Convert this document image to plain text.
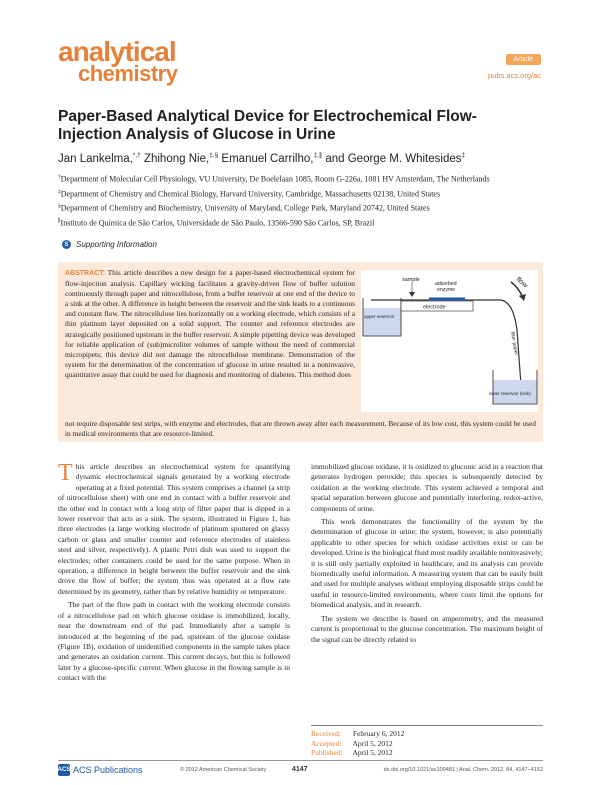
analytical
chemistry
Article
pubs.acs.org/ac
Paper-Based Analytical Device for Electrochemical Flow-Injection Analysis of Glucose in Urine
Jan Lankelma,*,† Zhihong Nie,‡,§ Emanuel Carrilho,‡,∥ and George M. Whitesides‡
†Department of Molecular Cell Physiology, VU University, De Boelelaan 1085, Room G-226a, 1081 HV Amsterdam, The Netherlands
‡Department of Chemistry and Chemical Biology, Harvard University, Cambridge, Massachusetts 02138, United States
§Department of Chemistry and Biochemistry, University of Maryland, College Park, Maryland 20742, United States
∥Instituto de Química de São Carlos, Universidade de São Paulo, 13566-590 São Carlos, SP, Brazil
S Supporting Information
ABSTRACT: This article describes a new design for a paper-based electrochemical system for flow-injection analysis. Capillary wicking facilitates a gravity-driven flow of buffer solution continuously through paper and nitrocellulose, from a buffer reservoir at one end of the device to a sink at the other. A difference in height between the reservoir and the sink leads to a continuous and constant flow. The nitrocellulose lies horizontally on a working electrode, which consists of a thin platinum layer deposited on a solid support. The counter and reference electrodes are strategically positioned upstream in the buffer reservoir. A simple pipetting device was developed for reliable application of (sub)microliter volumes of sample without the need of commercial micropipets; this device did not damage the nitrocellulose membrane. Demonstration of the system for the determination of the concentration of glucose in urine resulted in a noninvasive, quantitative assay that could be used for diagnosis and monitoring of diabetes. This method does
sample
adsorbed
enzyme
electrode
upper reservoir
flow
filter paper
lower reservoir (sink)
not require disposable test strips, with enzyme and electrodes, that are thrown away after each measurement. Because of its low cost, this system could be used in medical environments that are resource-limited.

This article describes an electrochemical system for quantifying dynamic electrochemical signals generated by a working electrode operating at a fixed potential. This system comprises a channel (a strip of nitrocellulose sheet) with one end in contact with a buffer reservoir and the other end in contact with a long strip of filter paper that is dipped in a lower reservoir that acts as a sink. The system, illustrated in Figure 1, has three electrodes (a large working electrode of platinum sputtered on glassy carbon or glass and smaller counter and reference electrodes of stainless steel and silver, respectively). A plastic Petri dish was used to support the electrodes; other containers could be used for the same purpose. When in operation, a difference in height between the buffer reservoir and the sink drove the flow of buffer; the system thus was operated at a flow rate determined by its geometry, rather than by relative humidity or temperature.

The part of the flow path in contact with the working electrode consists of a nitrocellulose pad on which glucose oxidase is immobilized, locally, near the downstream end of the pad. Immediately after a sample is introduced at the beginning of the pad, upstream of the glucose oxidase (Figure 1B), oxidation of unidentified components in the sample takes place and generates an oxidation current. This current decays, but this is followed later by a glucose-specific current. When glucose in the flowing sample is in contact with the

immobilized glucose oxidase, it is oxidized to gluconic acid in a reaction that generates hydrogen peroxide; this species is subsequently detected by oxidation at the working electrode. This system achieved a temporal and spatial separation between glucose and potentially interfering, redox-active, components of urine.

This work demonstrates the functionality of the system by the determination of glucose in urine; the system, however, is also potentially applicable to other species for which oxidase activities exist or can be developed. Urine is the biological fluid most readily available noninvasively; it is still only partially exploited in healthcare, and its analysis can provide biomedically useful information. A measuring system that can be easily built and used for multiple analyses without employing disposable strips could be useful in resource-limited environments, where costs limit the options for biomedical analysis, and in research.

The system we describe is based on amperometry, and the measured current is proportional to the glucose concentration. The maximum height of the signal can be directly related to

Received: February 6, 2012
Accepted: April 5, 2012
Published: April 5, 2012
ACS ACS Publications	© 2012 American Chemical Society	4147	dx.doi.org/10.1021/ac300481 | Anal. Chem. 2012, 84, 4147−4152
